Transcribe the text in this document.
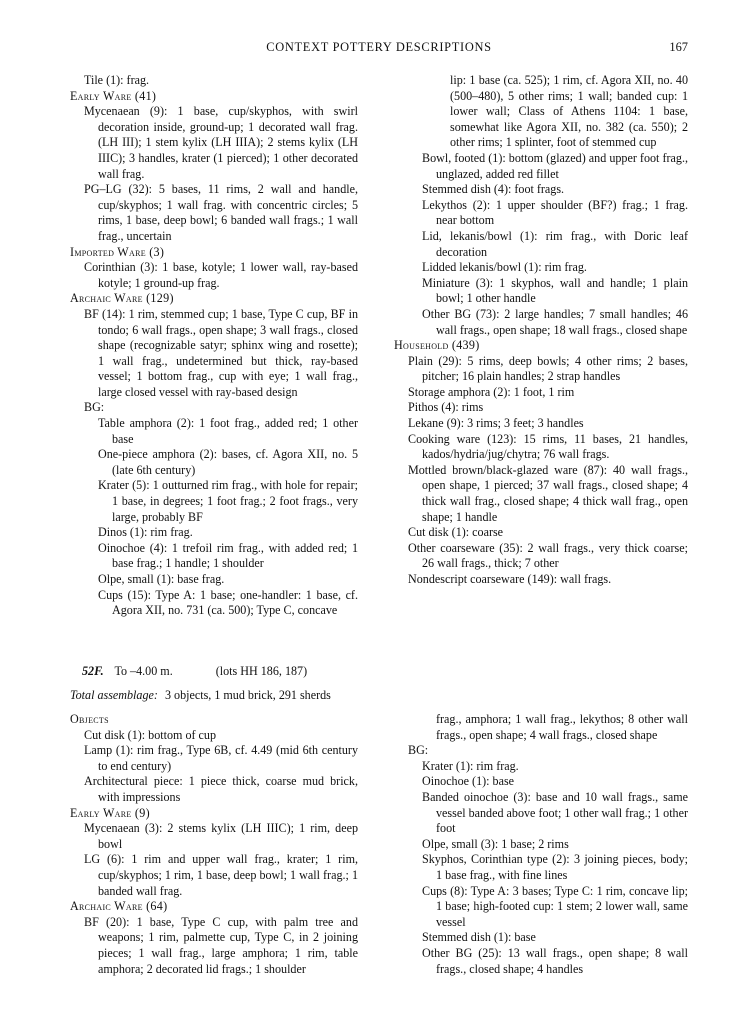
CONTEXT POTTERY DESCRIPTIONS	167

Tile (1): frag.

Early Ware (41)

Mycenaean (9): 1 base, cup/skyphos, with swirl decoration inside, ground-up; 1 decorated wall frag. (LH III); 1 stem kylix (LH IIIA); 2 stems kylix (LH IIIC); 3 handles, krater (1 pierced); 1 other decorated wall frag.

PG–LG (32): 5 bases, 11 rims, 2 wall and handle, cup/skyphos; 1 wall frag. with concentric circles; 5 rims, 1 base, deep bowl; 6 banded wall frags.; 1 wall frag., uncertain

Imported Ware (3)

Corinthian (3): 1 base, kotyle; 1 lower wall, ray-based kotyle; 1 ground-up frag.

Archaic Ware (129)

BF (14): 1 rim, stemmed cup; 1 base, Type C cup, BF in tondo; 6 wall frags., open shape; 3 wall frags., closed shape (recognizable satyr; sphinx wing and rosette); 1 wall frag., undetermined but thick, ray-based vessel; 1 bottom frag., cup with eye; 1 wall frag., large closed vessel with ray-based design

BG:

Table amphora (2): 1 foot frag., added red; 1 other base

One-piece amphora (2): bases, cf. Agora XII, no. 5 (late 6th century)

Krater (5): 1 outturned rim frag., with hole for repair; 1 base, in degrees; 1 foot frag.; 2 foot frags., very large, probably BF

Dinos (1): rim frag.

Oinochoe (4): 1 trefoil rim frag., with added red; 1 base frag.; 1 handle; 1 shoulder

Olpe, small (1): base frag.

Cups (15): Type A: 1 base; one-handler: 1 base, cf. Agora XII, no. 731 (ca. 500); Type C, concave

lip: 1 base (ca. 525); 1 rim, cf. Agora XII, no. 40 (500–480), 5 other rims; 1 wall; banded cup: 1 lower wall; Class of Athens 1104: 1 base, somewhat like Agora XII, no. 382 (ca. 550); 2 other rims; 1 splinter, foot of stemmed cup

Bowl, footed (1): bottom (glazed) and upper foot frag., unglazed, added red fillet

Stemmed dish (4): foot frags.

Lekythos (2): 1 upper shoulder (BF?) frag.; 1 frag. near bottom

Lid, lekanis/bowl (1): rim frag., with Doric leaf decoration

Lidded lekanis/bowl (1): rim frag.

Miniature (3): 1 skyphos, wall and handle; 1 plain bowl; 1 other handle

Other BG (73): 2 large handles; 7 small handles; 46 wall frags., open shape; 18 wall frags., closed shape

Household (439)

Plain (29): 5 rims, deep bowls; 4 other rims; 2 bases, pitcher; 16 plain handles; 2 strap handles

Storage amphora (2): 1 foot, 1 rim

Pithos (4): rims

Lekane (9): 3 rims; 3 feet; 3 handles

Cooking ware (123): 15 rims, 11 bases, 21 handles, kados/hydria/jug/chytra; 76 wall frags.

Mottled brown/black-glazed ware (87): 40 wall frags., open shape, 1 pierced; 37 wall frags., closed shape; 4 thick wall frag., closed shape; 4 thick wall frag., open shape; 1 handle

Cut disk (1): coarse

Other coarseware (35): 2 wall frags., very thick coarse; 26 wall frags., thick; 7 other

Nondescript coarseware (149): wall frags.

52F. To –4.00 m.	(lots HH 186, 187)
Total assemblage: 3 objects, 1 mud brick, 291 sherds

Objects

Cut disk (1): bottom of cup

Lamp (1): rim frag., Type 6B, cf. 4.49 (mid 6th century to end century)

Architectural piece: 1 piece thick, coarse mud brick, with impressions

Early Ware (9)

Mycenaean (3): 2 stems kylix (LH IIIC); 1 rim, deep bowl

LG (6): 1 rim and upper wall frag., krater; 1 rim, cup/skyphos; 1 rim, 1 base, deep bowl; 1 wall frag.; 1 banded wall frag.

Archaic Ware (64)

BF (20): 1 base, Type C cup, with palm tree and weapons; 1 rim, palmette cup, Type C, in 2 joining pieces; 1 wall frag., large amphora; 1 rim, table amphora; 2 decorated lid frags.; 1 shoulder

frag., amphora; 1 wall frag., lekythos; 8 other wall frags., open shape; 4 wall frags., closed shape

BG:

Krater (1): rim frag.

Oinochoe (1): base

Banded oinochoe (3): base and 10 wall frags., same vessel banded above foot; 1 other wall frag.; 1 other foot

Olpe, small (3): 1 base; 2 rims

Skyphos, Corinthian type (2): 3 joining pieces, body; 1 base frag., with fine lines

Cups (8): Type A: 3 bases; Type C: 1 rim, concave lip; 1 base; high-footed cup: 1 stem; 2 lower wall, same vessel

Stemmed dish (1): base

Other BG (25): 13 wall frags., open shape; 8 wall frags., closed shape; 4 handles
